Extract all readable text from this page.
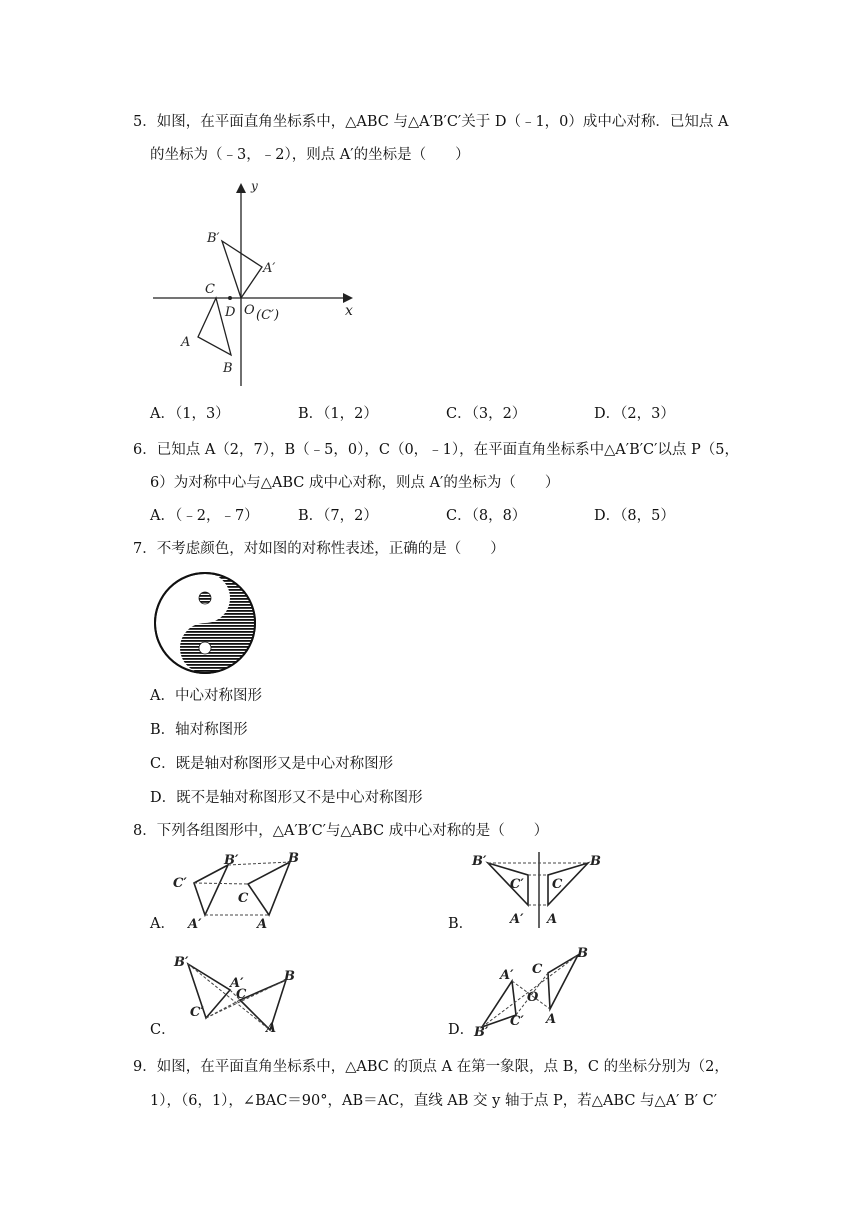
5．如图，在平面直角坐标系中，△ABC 与△A′B′C′关于 D（﹣1，0）成中心对称．已知点 A
的坐标为（﹣3，﹣2），则点 A′的坐标是（　　）
y
x
B′
A′
C
D O (C′)
A
B
A．（1，3）	B．（1，2）	C．（3，2）	D．（2，3）
6．已知点 A（2，7），B（﹣5，0），C（0，﹣1），在平面直角坐标系中△A′B′C′以点 P（5，
6）为对称中心与△ABC 成中心对称，则点 A′的坐标为（　　）
A．（﹣2，﹣7）	B．（7，2）	C．（8，8）	D．（8，5）
7．不考虑颜色，对如图的对称性表述，正确的是（　　）
A．中心对称图形
B．轴对称图形
C．既是轴对称图形又是中心对称图形
D．既不是轴对称图形又不是中心对称图形
8．下列各组图形中，△A′B′C′与△ABC 成中心对称的是（　　）
B′	B
C′
C
A′	A
A．
B′	B
C′ C
A′ A
B．
B′
A′
C
B
C′
A
C．
B
A′ C
O
C′ A
B′
D．
9．如图，在平面直角坐标系中，△ABC 的顶点 A 在第一象限，点 B，C 的坐标分别为（2，
1），（6，1），∠BAC＝90°，AB＝AC，直线 AB 交 y 轴于点 P，若△ABC 与△A′ B′ C′
